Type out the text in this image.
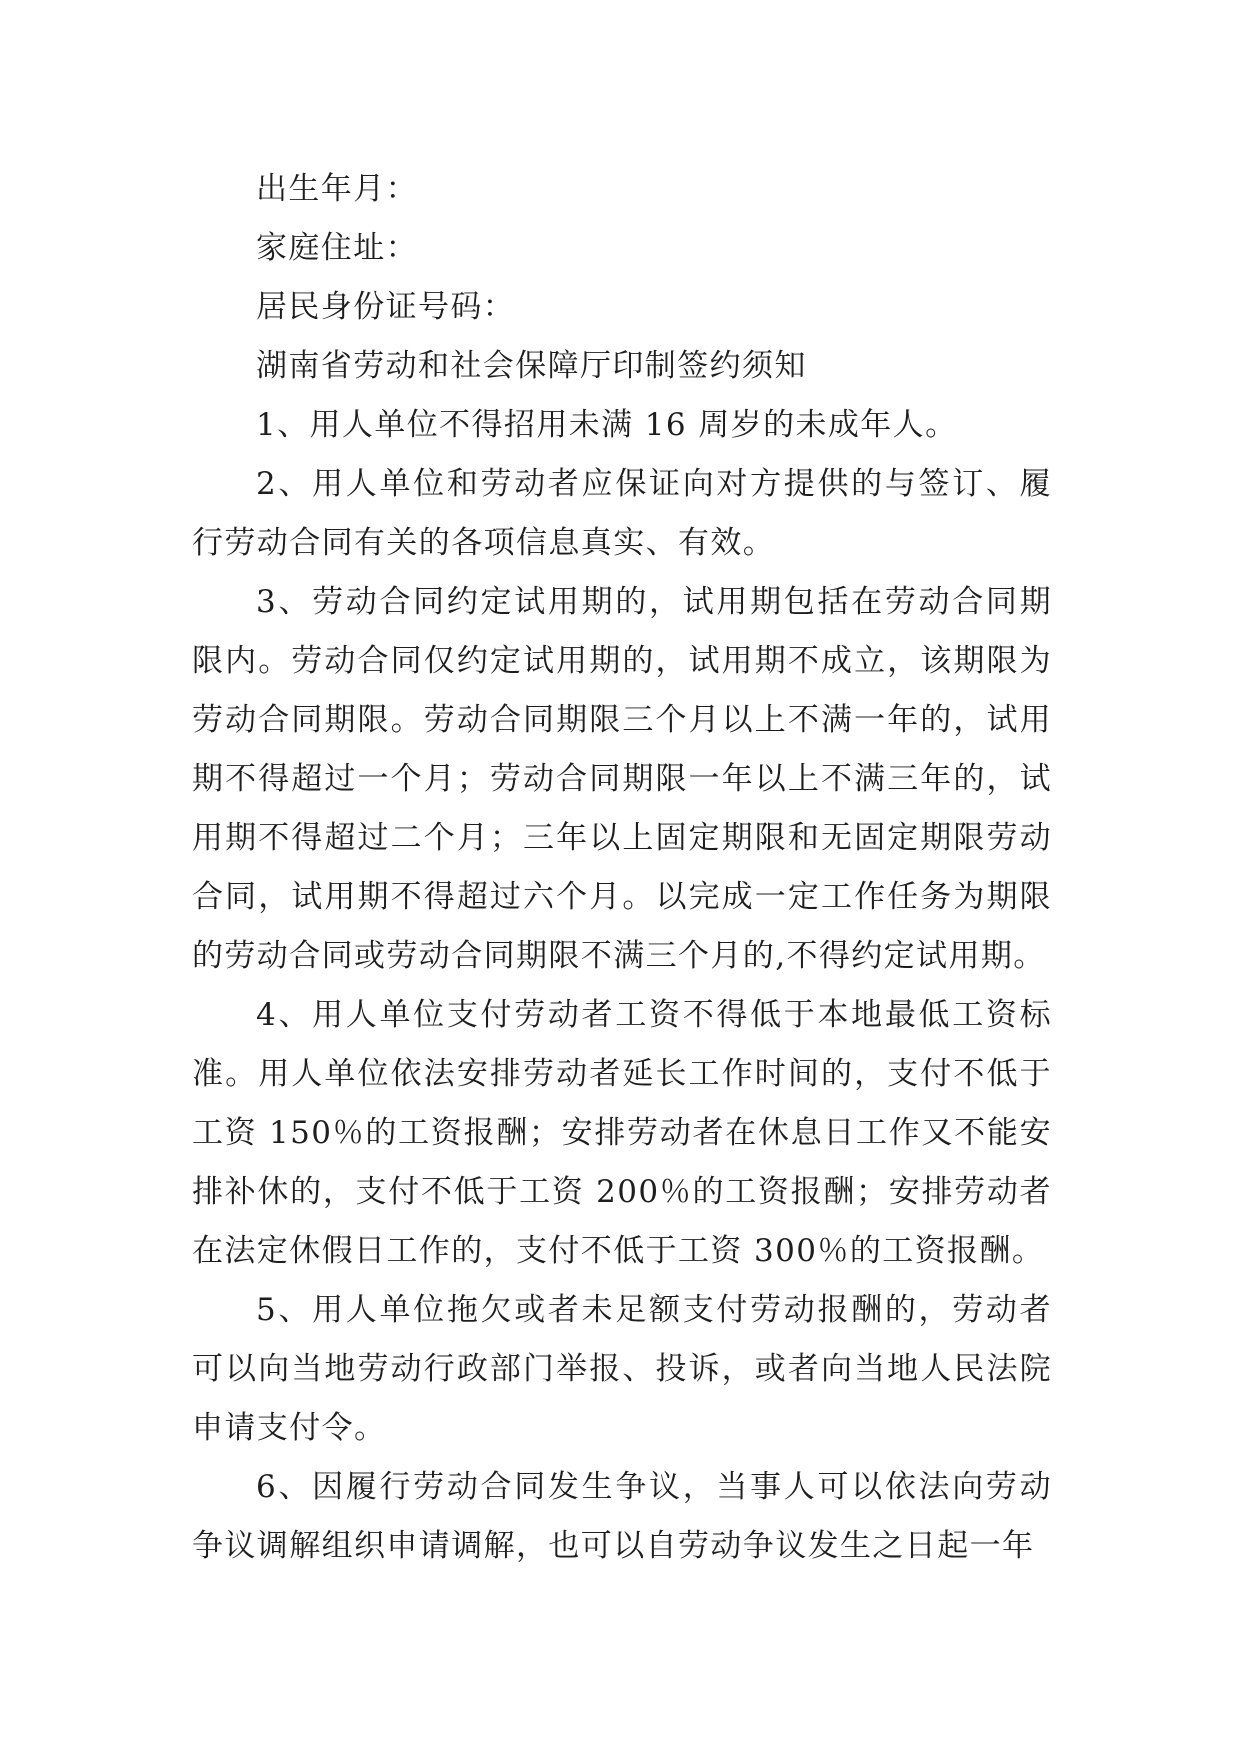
出生年月：

家庭住址：

居民身份证号码：

湖南省劳动和社会保障厅印制签约须知

1、用人单位不得招用未满 16 周岁的未成年人。

2、用人单位和劳动者应保证向对方提供的与签订、履行劳动合同有关的各项信息真实、有效。

3、劳动合同约定试用期的，试用期包括在劳动合同期限内。劳动合同仅约定试用期的，试用期不成立，该期限为劳动合同期限。劳动合同期限三个月以上不满一年的，试用期不得超过一个月；劳动合同期限一年以上不满三年的，试用期不得超过二个月；三年以上固定期限和无固定期限劳动合同，试用期不得超过六个月。以完成一定工作任务为期限的劳动合同或劳动合同期限不满三个月的,不得约定试用期。

4、用人单位支付劳动者工资不得低于本地最低工资标准。用人单位依法安排劳动者延长工作时间的，支付不低于工资 150％的工资报酬；安排劳动者在休息日工作又不能安排补休的，支付不低于工资 200％的工资报酬；安排劳动者在法定休假日工作的，支付不低于工资 300％的工资报酬。

5、用人单位拖欠或者未足额支付劳动报酬的，劳动者可以向当地劳动行政部门举报、投诉，或者向当地人民法院申请支付令。

6、因履行劳动合同发生争议，当事人可以依法向劳动争议调解组织申请调解，也可以自劳动争议发生之日起一年
